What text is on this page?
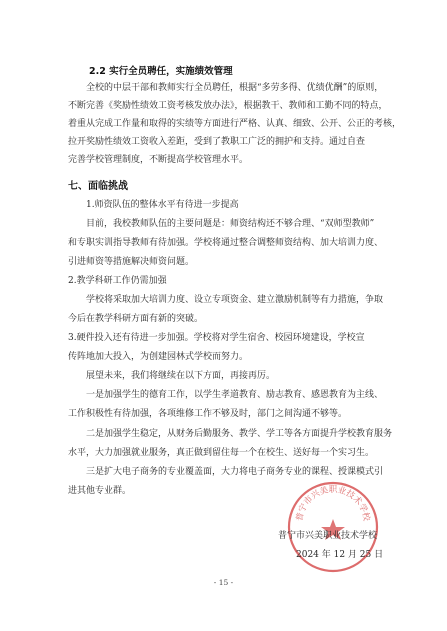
2.2 实行全员聘任，实施绩效管理
全校的中层干部和教师实行全员聘任，根据“多劳多得、优绩优酬”的原则，
不断完善《奖励性绩效工资考核发放办法》，根据教干、教师和工勤不同的特点，
着重从完成工作量和取得的实绩等方面进行严格、认真、细致、公开、公正的考核，
拉开奖励性绩效工资收入差距，受到了教职工广泛的拥护和支持。通过自查
完善学校管理制度，不断提高学校管理水平。
七、面临挑战
1.师资队伍的整体水平有待进一步提高
目前，我校教师队伍的主要问题是：师资结构还不够合理、“双师型教师”
和专职实训指导教师有待加强。学校将通过整合调整师资结构、加大培训力度、
引进师资等措施解决师资问题。
2.教学科研工作仍需加强
学校将采取加大培训力度、设立专项资金、建立激励机制等有力措施，争取
今后在教学科研方面有新的突破。
3.硬件投入还有待进一步加强。学校将对学生宿舍、校园环境建设，学校宣
传阵地加大投入，为创建园林式学校而努力。
展望未来，我们将继续在以下方面，再接再厉。
一是加强学生的德育工作，以学生孝道教育、励志教育、感恩教育为主线、
工作积极性有待加强，各项维修工作不够及时，部门之间沟通不够等。
二是加强学生稳定，从财务后勤服务、教学、学工等各方面提升学校教育服务
水平，大力加强就业服务，真正做到留住每一个在校生、送好每一个实习生。
三是扩大电子商务的专业覆盖面，大力将电子商务专业的课程、授课模式引
进其他专业群。
普宁市兴美职业技术学校
普宁市兴美职业技术学校
2024 年 12 月 25 日
- 15 -
